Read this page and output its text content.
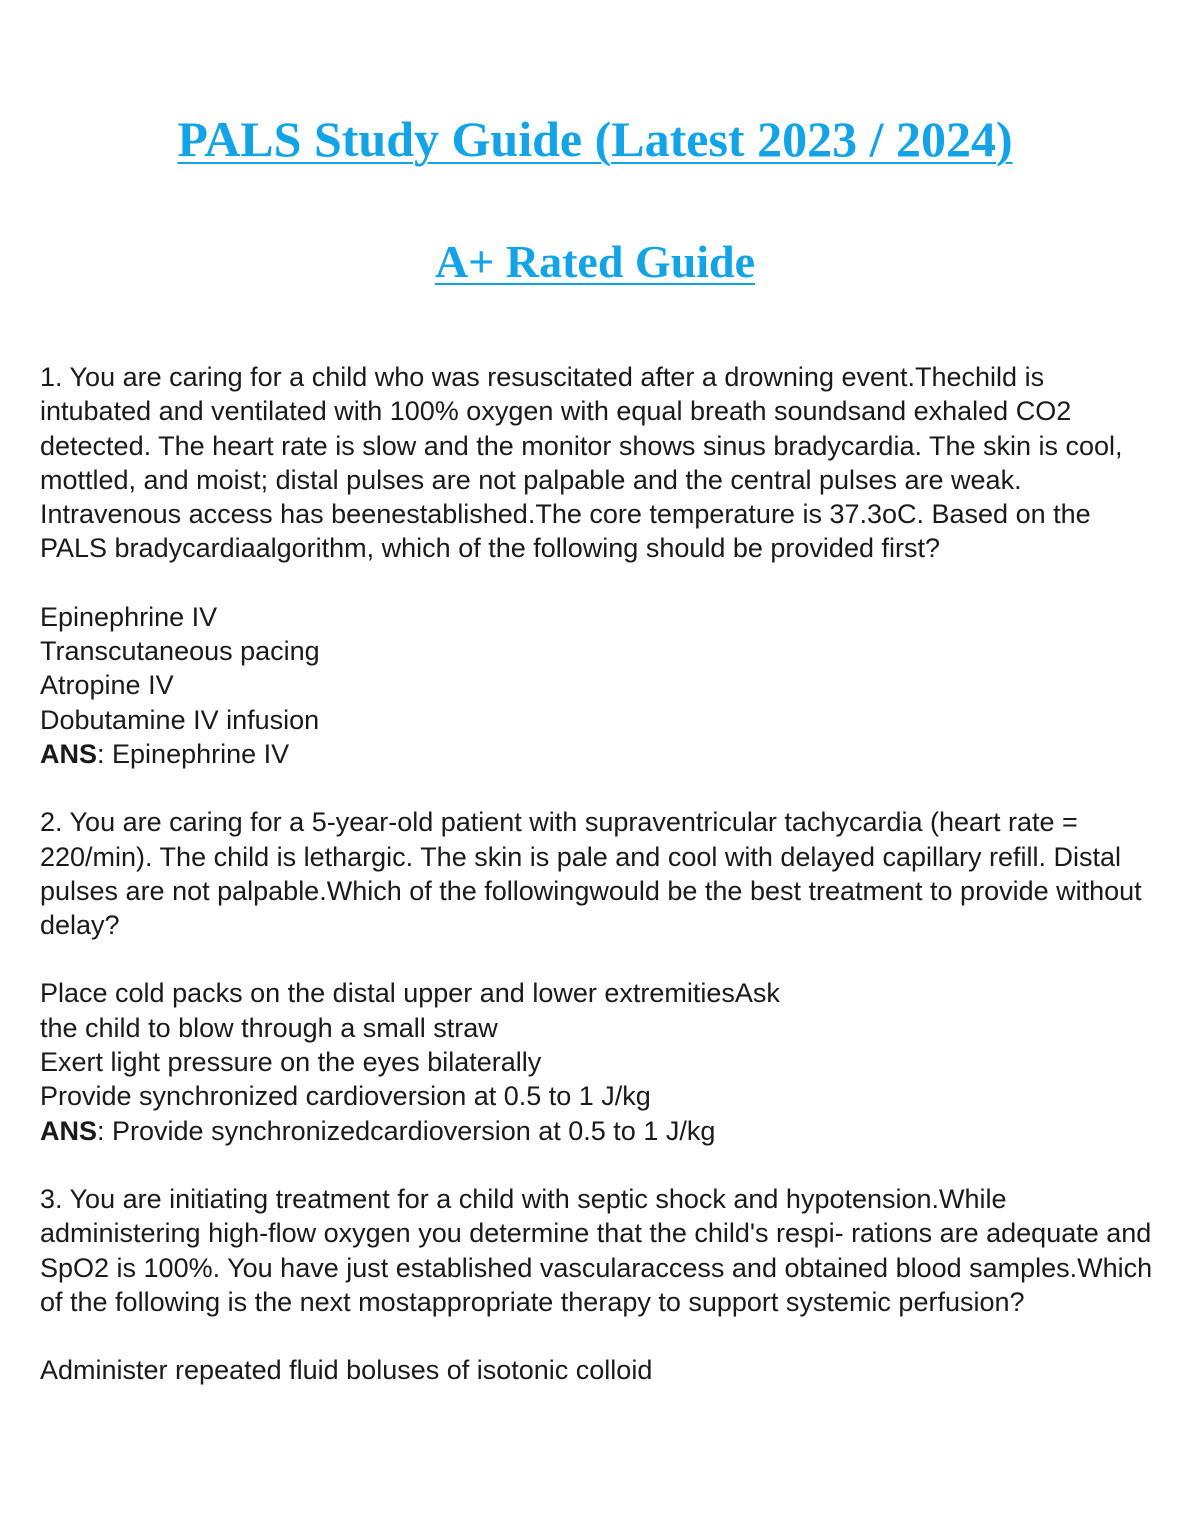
PALS Study Guide (Latest 2023 / 2024)
A+ Rated Guide

1. You are caring for a child who was resuscitated after a drowning event.Thechild is intubated and ventilated with 100% oxygen with equal breath soundsand exhaled CO2 detected. The heart rate is slow and the monitor shows sinus bradycardia. The skin is cool, mottled, and moist; distal pulses are not palpable and the central pulses are weak. Intravenous access has beenestablished.The core temperature is 37.3oC. Based on the PALS bradycardiaalgorithm, which of the following should be provided first?

Epinephrine IV
Transcutaneous pacing
Atropine IV
Dobutamine IV infusion
ANS: Epinephrine IV

2. You are caring for a 5-year-old patient with supraventricular tachycardia (heart rate = 220/min). The child is lethargic. The skin is pale and cool with delayed capillary refill. Distal pulses are not palpable.Which of the followingwould be the best treatment to provide without delay?

Place cold packs on the distal upper and lower extremitiesAsk
the child to blow through a small straw
Exert light pressure on the eyes bilaterally
Provide synchronized cardioversion at 0.5 to 1 J/kg
ANS: Provide synchronizedcardioversion at 0.5 to 1 J/kg

3. You are initiating treatment for a child with septic shock and hypotension.While administering high-flow oxygen you determine that the child's respi- rations are adequate and SpO2 is 100%. You have just established vascularaccess and obtained blood samples.Which of the following is the next mostappropriate therapy to support systemic perfusion?

Administer repeated fluid boluses of isotonic colloid
